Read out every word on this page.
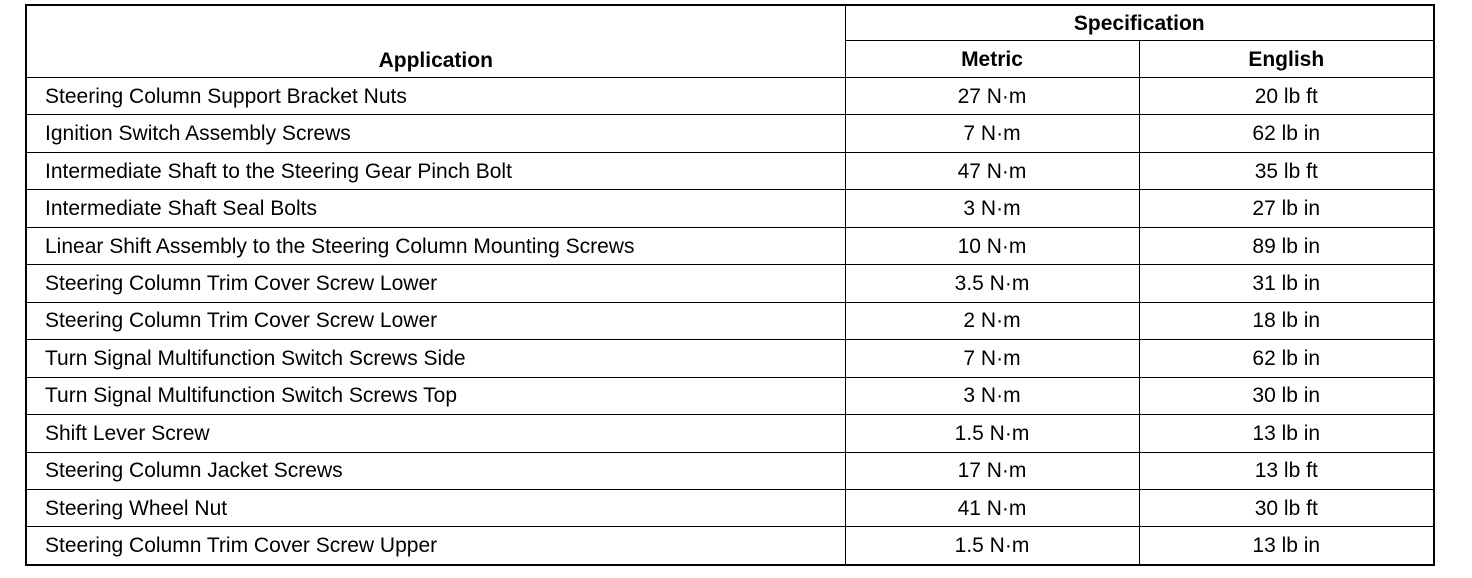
Application	Specification	
	Metric	English
Steering Column Support Bracket Nuts	27 N·m	20 lb ft
Ignition Switch Assembly Screws	7 N·m	62 lb in
Intermediate Shaft to the Steering Gear Pinch Bolt	47 N·m	35 lb ft
Intermediate Shaft Seal Bolts	3 N·m	27 lb in
Linear Shift Assembly to the Steering Column Mounting Screws	10 N·m	89 lb in
Steering Column Trim Cover Screw Lower	3.5 N·m	31 lb in
Steering Column Trim Cover Screw Lower	2 N·m	18 lb in
Turn Signal Multifunction Switch Screws Side	7 N·m	62 lb in
Turn Signal Multifunction Switch Screws Top	3 N·m	30 lb in
Shift Lever Screw	1.5 N·m	13 lb in
Steering Column Jacket Screws	17 N·m	13 lb ft
Steering Wheel Nut	41 N·m	30 lb ft
Steering Column Trim Cover Screw Upper	1.5 N·m	13 lb in
